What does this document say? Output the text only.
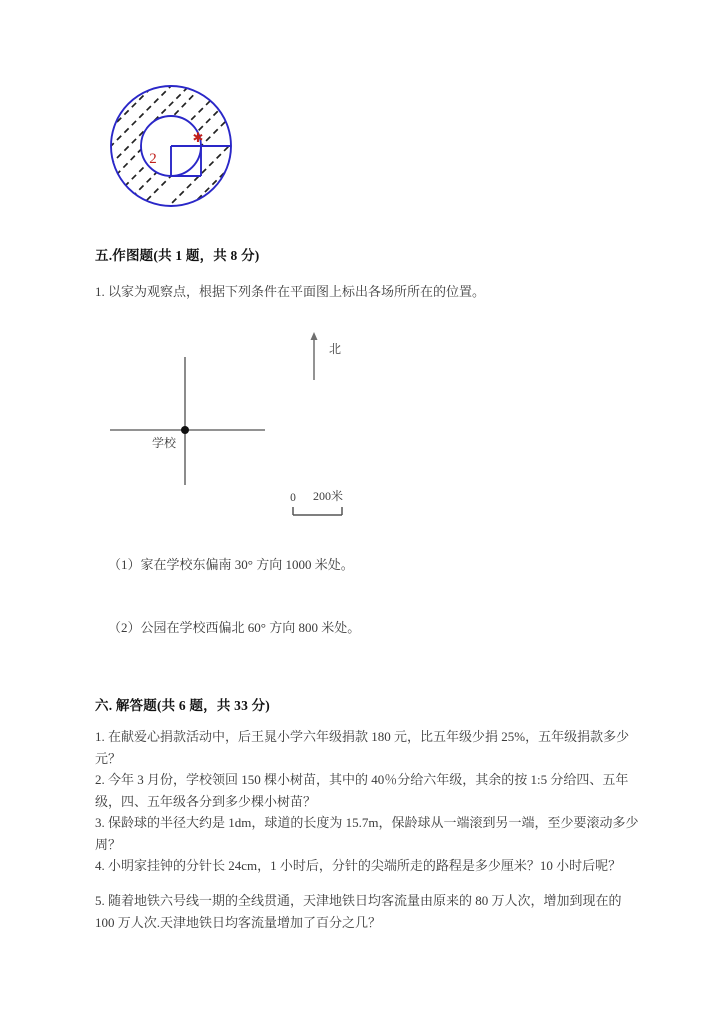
✱
2
五.作图题(共 1 题，共 8 分)
1. 以家为观察点，根据下列条件在平面图上标出各场所所在的位置。
学校
北
0 200米
（1）家在学校东偏南 30° 方向 1000 米处。
（2）公园在学校西偏北 60° 方向 800 米处。
六. 解答题(共 6 题，共 33 分)
1. 在献爱心捐款活动中，后王晁小学六年级捐款 180 元，比五年级少捐 25%，五年级捐款多少元？
2. 今年 3 月份，学校领回 150 棵小树苗，其中的 40％分给六年级，其余的按 1:5 分给四、五年级，四、五年级各分到多少棵小树苗？
3. 保龄球的半径大约是 1dm，球道的长度为 15.7m，保龄球从一端滚到另一端，至少要滚动多少周？
4. 小明家挂钟的分针长 24cm，1 小时后，分针的尖端所走的路程是多少厘米？10 小时后呢？
5. 随着地铁六号线一期的全线贯通，天津地铁日均客流量由原来的 80 万人次，增加到现在的 100 万人次.天津地铁日均客流量增加了百分之几？
